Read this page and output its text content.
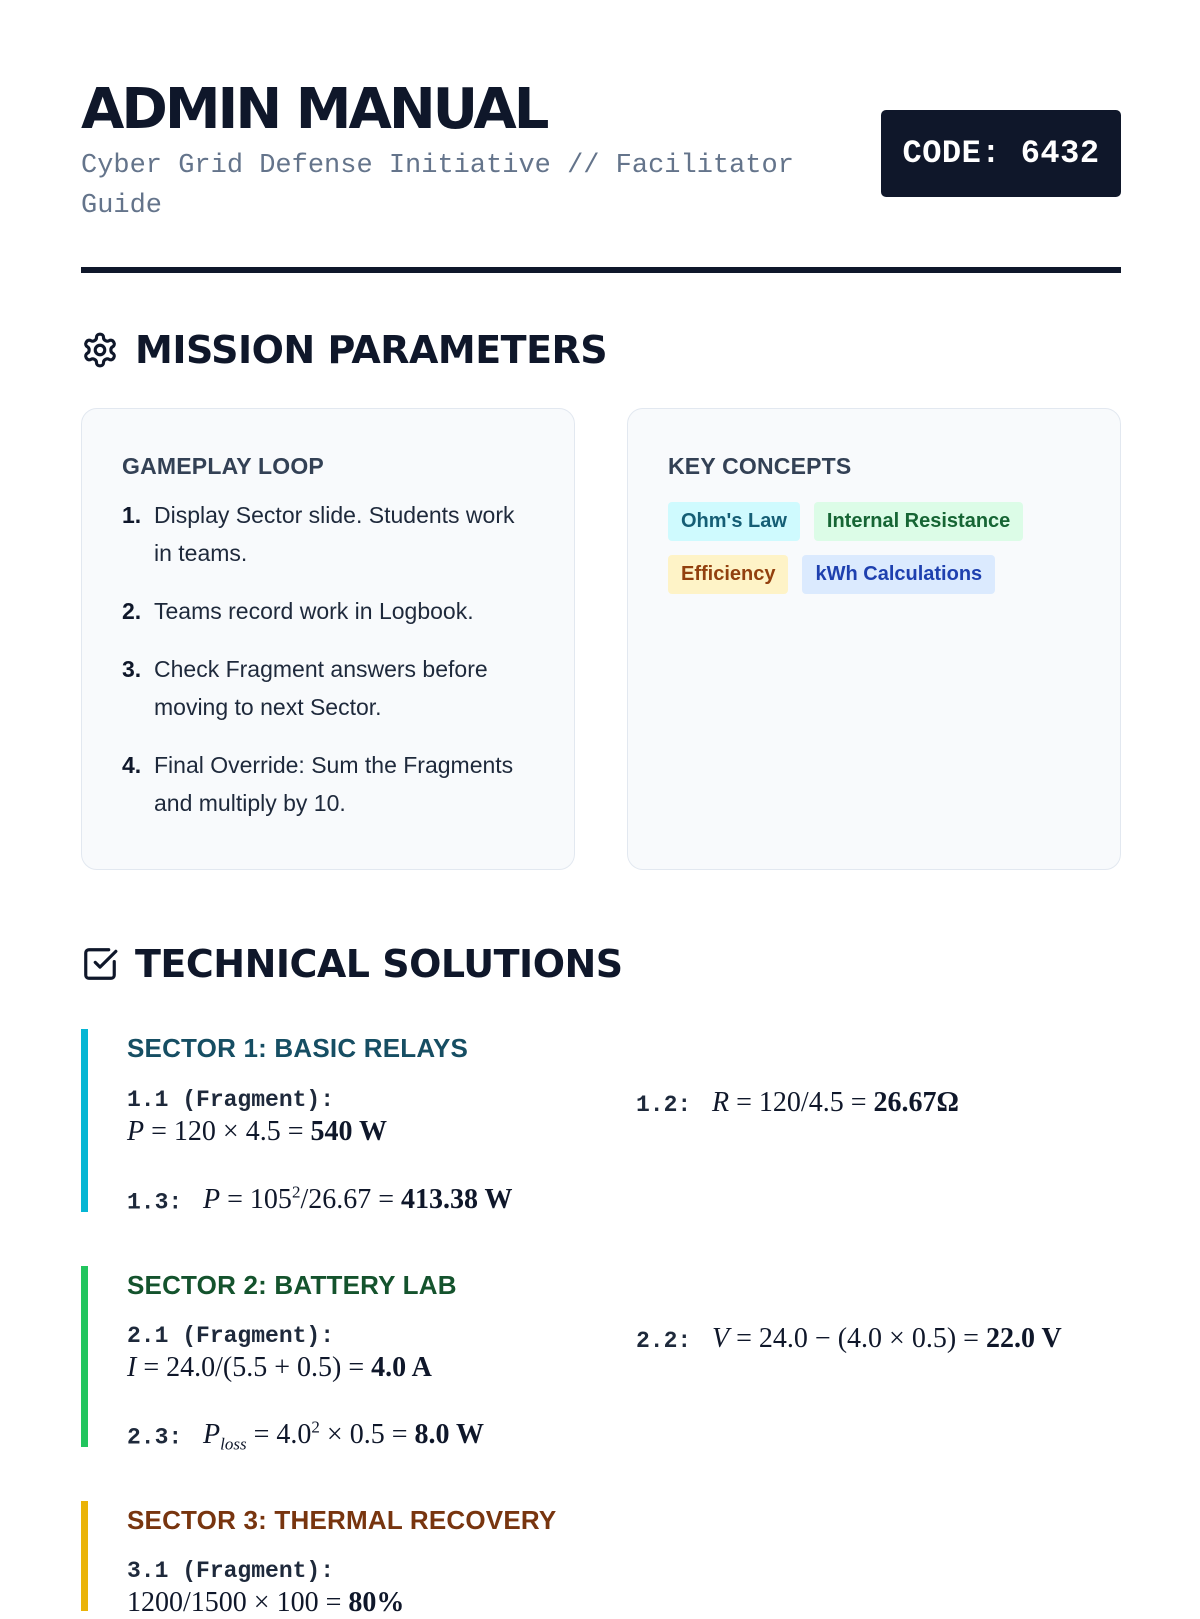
ADMIN MANUAL
Cyber Grid Defense Initiative // Facilitator Guide
CODE: 6432
MISSION PARAMETERS
GAMEPLAY LOOP
1. Display Sector slide. Students work in teams.
2. Teams record work in Logbook.
3. Check Fragment answers before moving to next Sector.
4. Final Override: Sum the Fragments and multiply by 10.
KEY CONCEPTS
Ohm's Law	Internal Resistance
Efficiency	kWh Calculations
TECHNICAL SOLUTIONS
SECTOR 1: BASIC RELAYS
1.1 (Fragment):
P = 120 × 4.5 = 540 W
1.2: R = 120/4.5 = 26.67Ω
1.3: $P = 105^2/26.67 = 413.38$ W
SECTOR 2: BATTERY LAB
2.1 (Fragment):
I = 24.0/(5.5 + 0.5) = 4.0 A
2.2: V = 24.0 − (4.0 × 0.5) = 22.0 V
2.3: $P_{loss} = 4.0^2 \times 0.5 = 8.0$ W
SECTOR 3: THERMAL RECOVERY
3.1 (Fragment):
1200/1500 × 100 = 80%
